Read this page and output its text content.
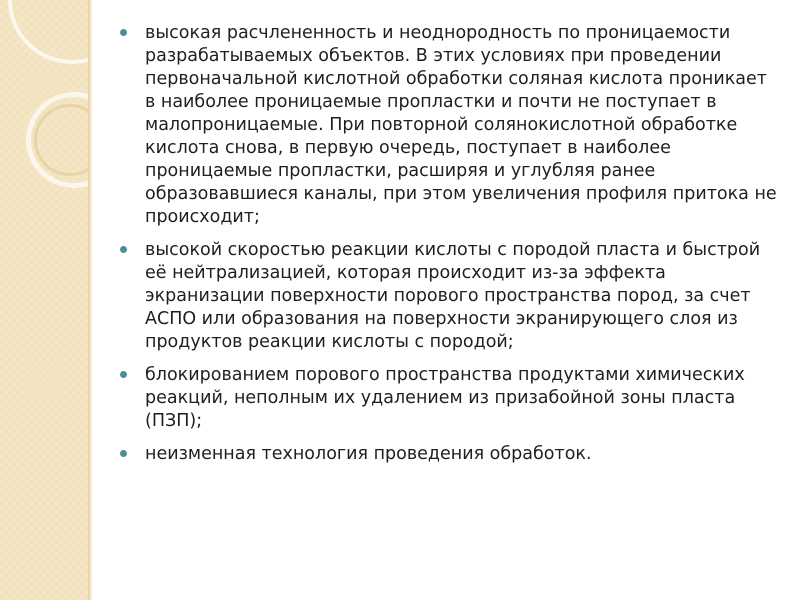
высокая расчлененность и неоднородность по проницаемости разрабатываемых объектов. В этих условиях при проведении первоначальной кислотной обработки соляная кислота проникает в наиболее проницаемые пропластки и почти не поступает в малопроницаемые. При повторной солянокислотной обработке кислота снова, в первую очередь, поступает в наиболее проницаемые пропластки, расширяя и углубляя ранее образовавшиеся каналы, при этом увеличения профиля притока не происходит;
высокой скоростью реакции кислоты с породой пласта и быстрой её нейтрализацией, которая происходит из-за эффекта экранизации поверхности порового пространства пород, за счет АСПО или образования на поверхности экранирующего слоя из продуктов реакции кислоты с породой;
блокированием порового пространства продуктами химических реакций, неполным их удалением из призабойной зоны пласта (ПЗП);
неизменная технология проведения обработок.
